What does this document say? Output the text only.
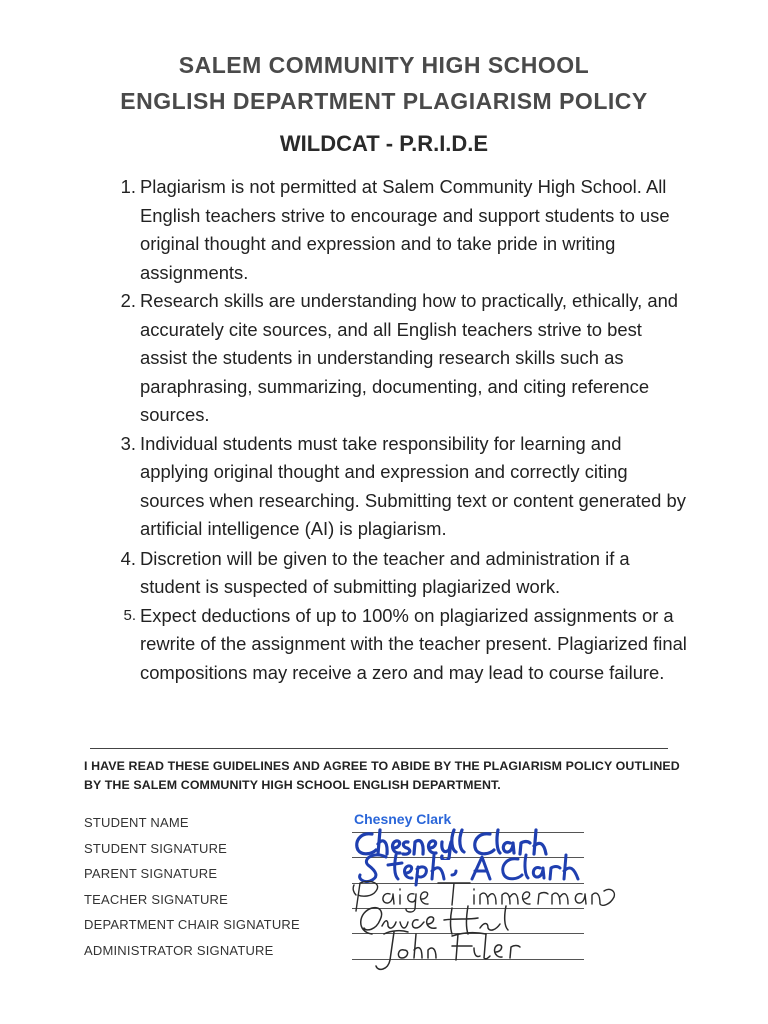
SALEM COMMUNITY HIGH SCHOOL
ENGLISH DEPARTMENT PLAGIARISM POLICY
WILDCAT - P.R.I.D.E
1. Plagiarism is not permitted at Salem Community High School. All English teachers strive to encourage and support students to use original thought and expression and to take pride in writing assignments.
2. Research skills are understanding how to practically, ethically, and accurately cite sources, and all English teachers strive to best assist the students in understanding research skills such as paraphrasing, summarizing, documenting, and citing reference sources.
3. Individual students must take responsibility for learning and applying original thought and expression and correctly citing sources when researching. Submitting text or content generated by artificial intelligence (AI) is plagiarism.
4. Discretion will be given to the teacher and administration if a student is suspected of submitting plagiarized work.
5. Expect deductions of up to 100% on plagiarized assignments or a rewrite of the assignment with the teacher present. Plagiarized final compositions may receive a zero and may lead to course failure.
I HAVE READ THESE GUIDELINES AND AGREE TO ABIDE BY THE PLAGIARISM POLICY OUTLINED BY THE SALEM COMMUNITY HIGH SCHOOL ENGLISH DEPARTMENT.
STUDENT NAME
STUDENT SIGNATURE
PARENT SIGNATURE
TEACHER SIGNATURE
DEPARTMENT CHAIR SIGNATURE
ADMINISTRATOR SIGNATURE
Chesney Clark
